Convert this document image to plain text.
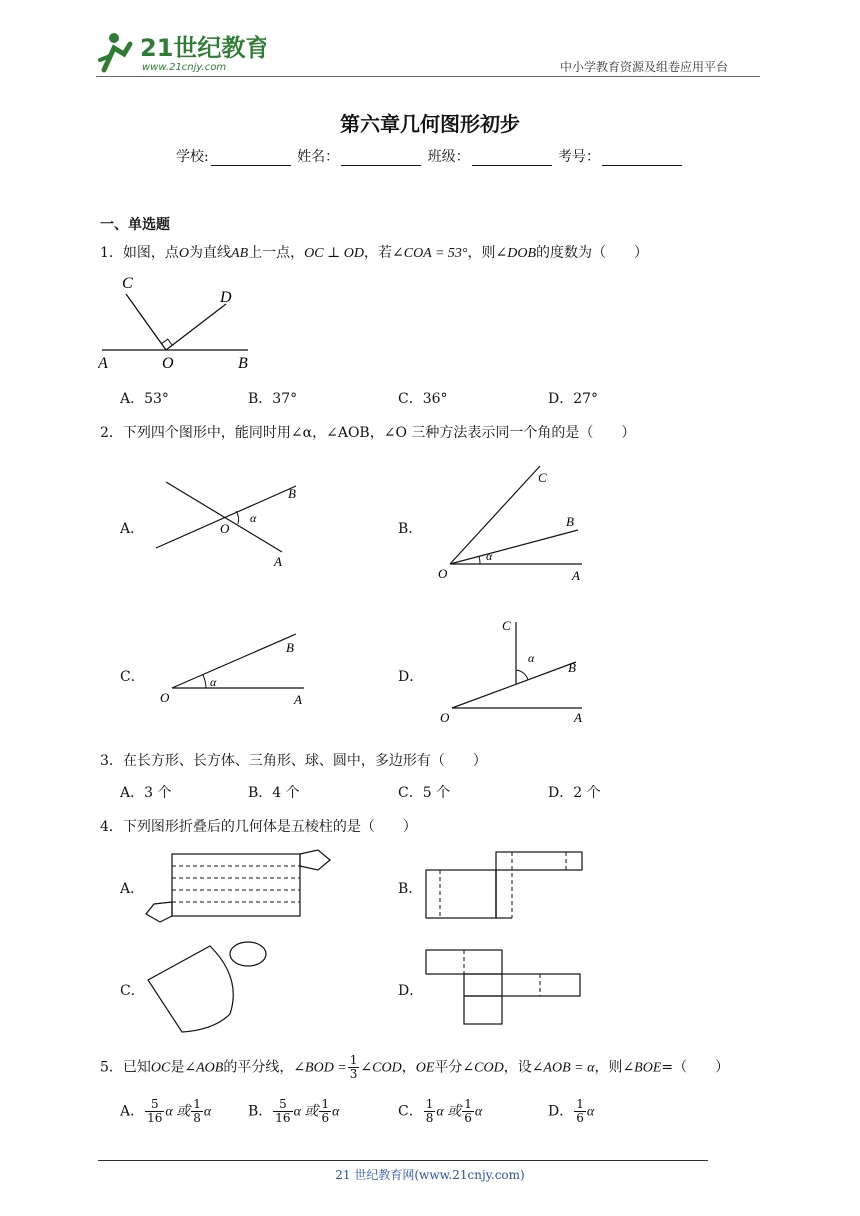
21世纪教育
www.21cnjy.com	中小学教育资源及组卷应用平台
第六章几何图形初步
学校:	姓名：	班级：	考号：
一、单选题
1．如图，点O为直线AB上一点，OC ⊥ OD，若∠COA = 53°，则∠DOB的度数为（　　）
C
D
A	O	B
A．53°	B．37°	C．36°	D．27°
2．下列四个图形中，能同时用∠α，∠AOB，∠O 三种方法表示同一个角的是（　　）
A．
B
O
α
A
B．
C
B
O
α
A
C．
B
O
α
A
D．
C
α
B
O	A
3．在长方形、长方体、三角形、球、圆中，多边形有（　　）
A．3 个	B．4 个	C．5 个	D．2 个
4．下列图形折叠后的几何体是五棱柱的是（　　）
A．	B．
C．	D．
5．已知OC是∠AOB的平分线，∠BOD = $\frac{1}{3}$ ∠COD，OE平分∠COD，设∠AOB = α，则∠BOE=（　　）
A． $\frac{5}{16}$ α 或 $\frac{1}{8}$ α	B． $\frac{5}{16}$ α 或 $\frac{1}{6}$ α	C． $\frac{1}{8}$ α 或 $\frac{1}{6}$ α	D． $\frac{1}{6}$ α
21 世纪教育网(www.21cnjy.com)
